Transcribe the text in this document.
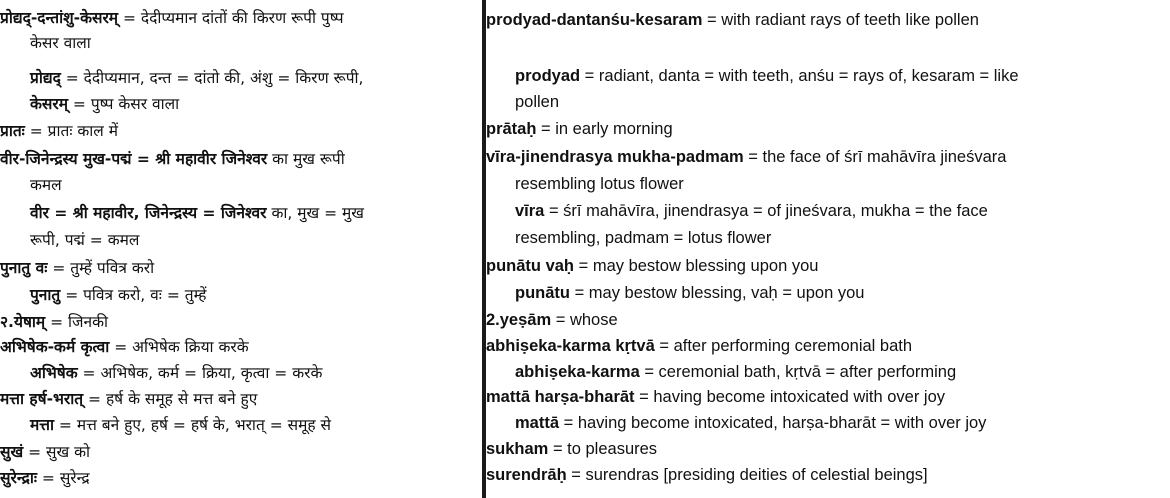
प्रोद्यद्-दन्तांशु-केसरम् = देदीप्यमान दांतों की किरण रूपी पुष्प
केसर वाला
प्रोद्यद् = देदीप्यमान, दन्त = दांतो की, अंशु = किरण रूपी,
केसरम् = पुष्प केसर वाला
प्रातः = प्रातः काल में
वीर-जिनेन्द्रस्य मुख-पद्मं = श्री महावीर जिनेश्वर का मुख रूपी
कमल
वीर = श्री महावीर, जिनेन्द्रस्य = जिनेश्वर का, मुख = मुख
रूपी, पद्मं = कमल
पुनातु वः = तुम्हें पवित्र करो
पुनातु = पवित्र करो, वः = तुम्हें
२.येषाम् = जिनकी
अभिषेक-कर्म कृत्वा = अभिषेक क्रिया करके
अभिषेक = अभिषेक, कर्म = क्रिया, कृत्वा = करके
मत्ता हर्ष-भरात् = हर्ष के समूह से मत्त बने हुए
मत्ता = मत्त बने हुए, हर्ष = हर्ष के, भरात् = समूह से
सुखं = सुख को
सुरेन्द्राः = सुरेन्द्र
prodyad-dantanśu-kesaram = with radiant rays of teeth like pollen
prodyad = radiant, danta = with teeth, anśu = rays of, kesaram = like
pollen
prātaḥ = in early morning
vīra-jinendrasya mukha-padmam = the face of śrī mahāvīra jineśvara
resembling lotus flower
vīra = śrī mahāvīra, jinendrasya = of jineśvara, mukha = the face
resembling, padmam = lotus flower
punātu vaḥ = may bestow blessing upon you
punātu = may bestow blessing, vaḥ = upon you
2.yeṣām = whose
abhiṣeka-karma kṛtvā = after performing ceremonial bath
abhiṣeka-karma = ceremonial bath, kṛtvā = after performing
mattā harṣa-bharāt = having become intoxicated with over joy
mattā = having become intoxicated, harṣa-bharāt = with over joy
sukham = to pleasures
surendrāḥ = surendras [presiding deities of celestial beings]
